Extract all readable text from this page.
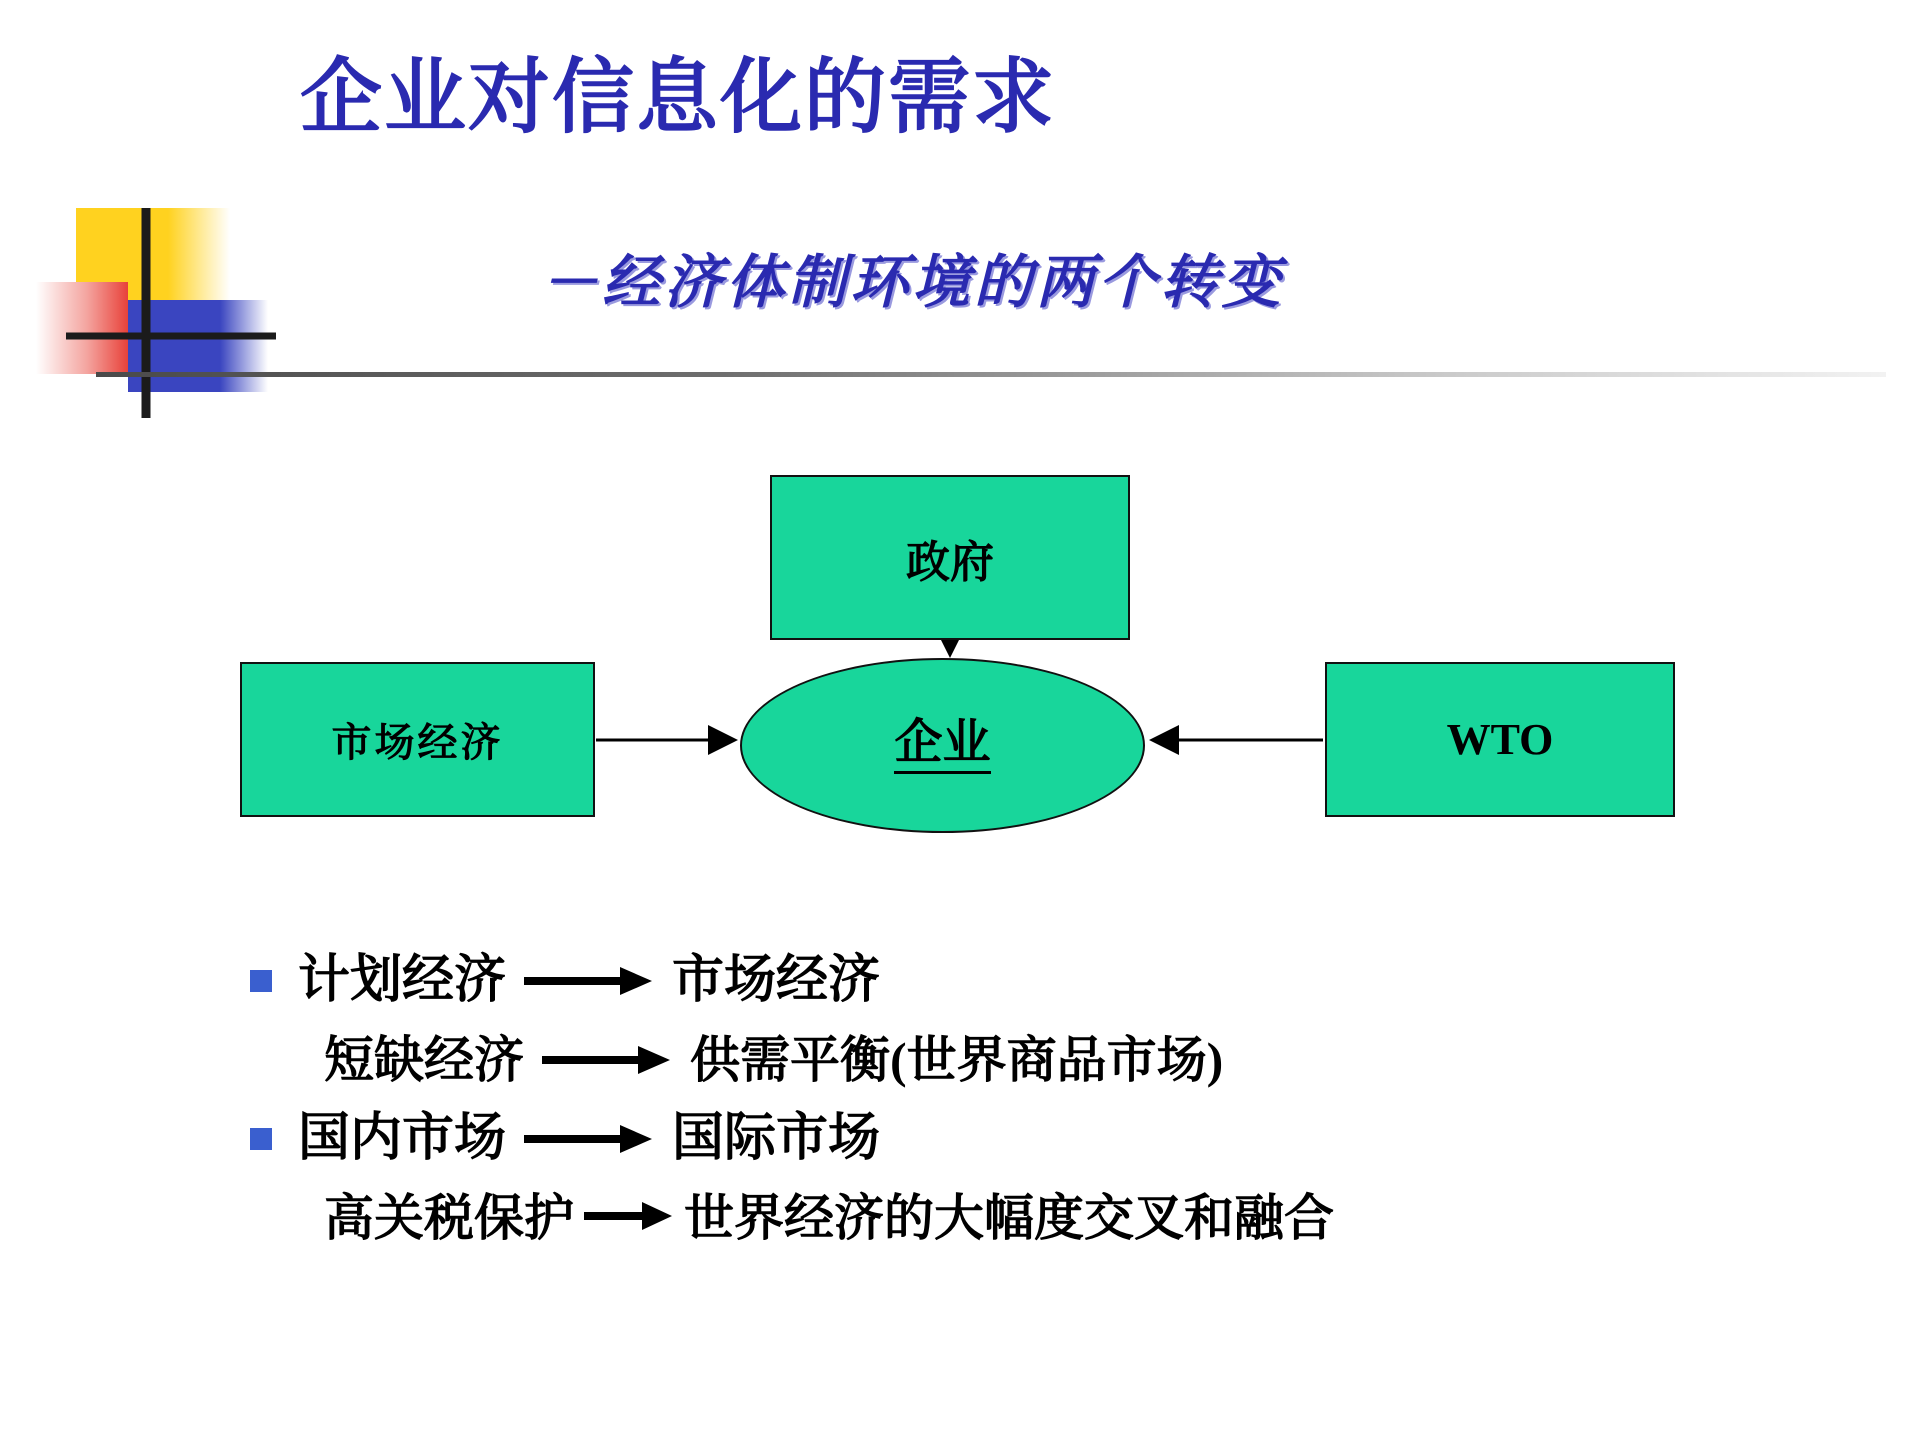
企业对信息化的需求
－经济体制环境的两个转变
政府
市场经济	企业	WTO
计划经济	市场经济
短缺经济	供需平衡(世界商品市场)
国内市场	国际市场
高关税保护 世界经济的大幅度交叉和融合
